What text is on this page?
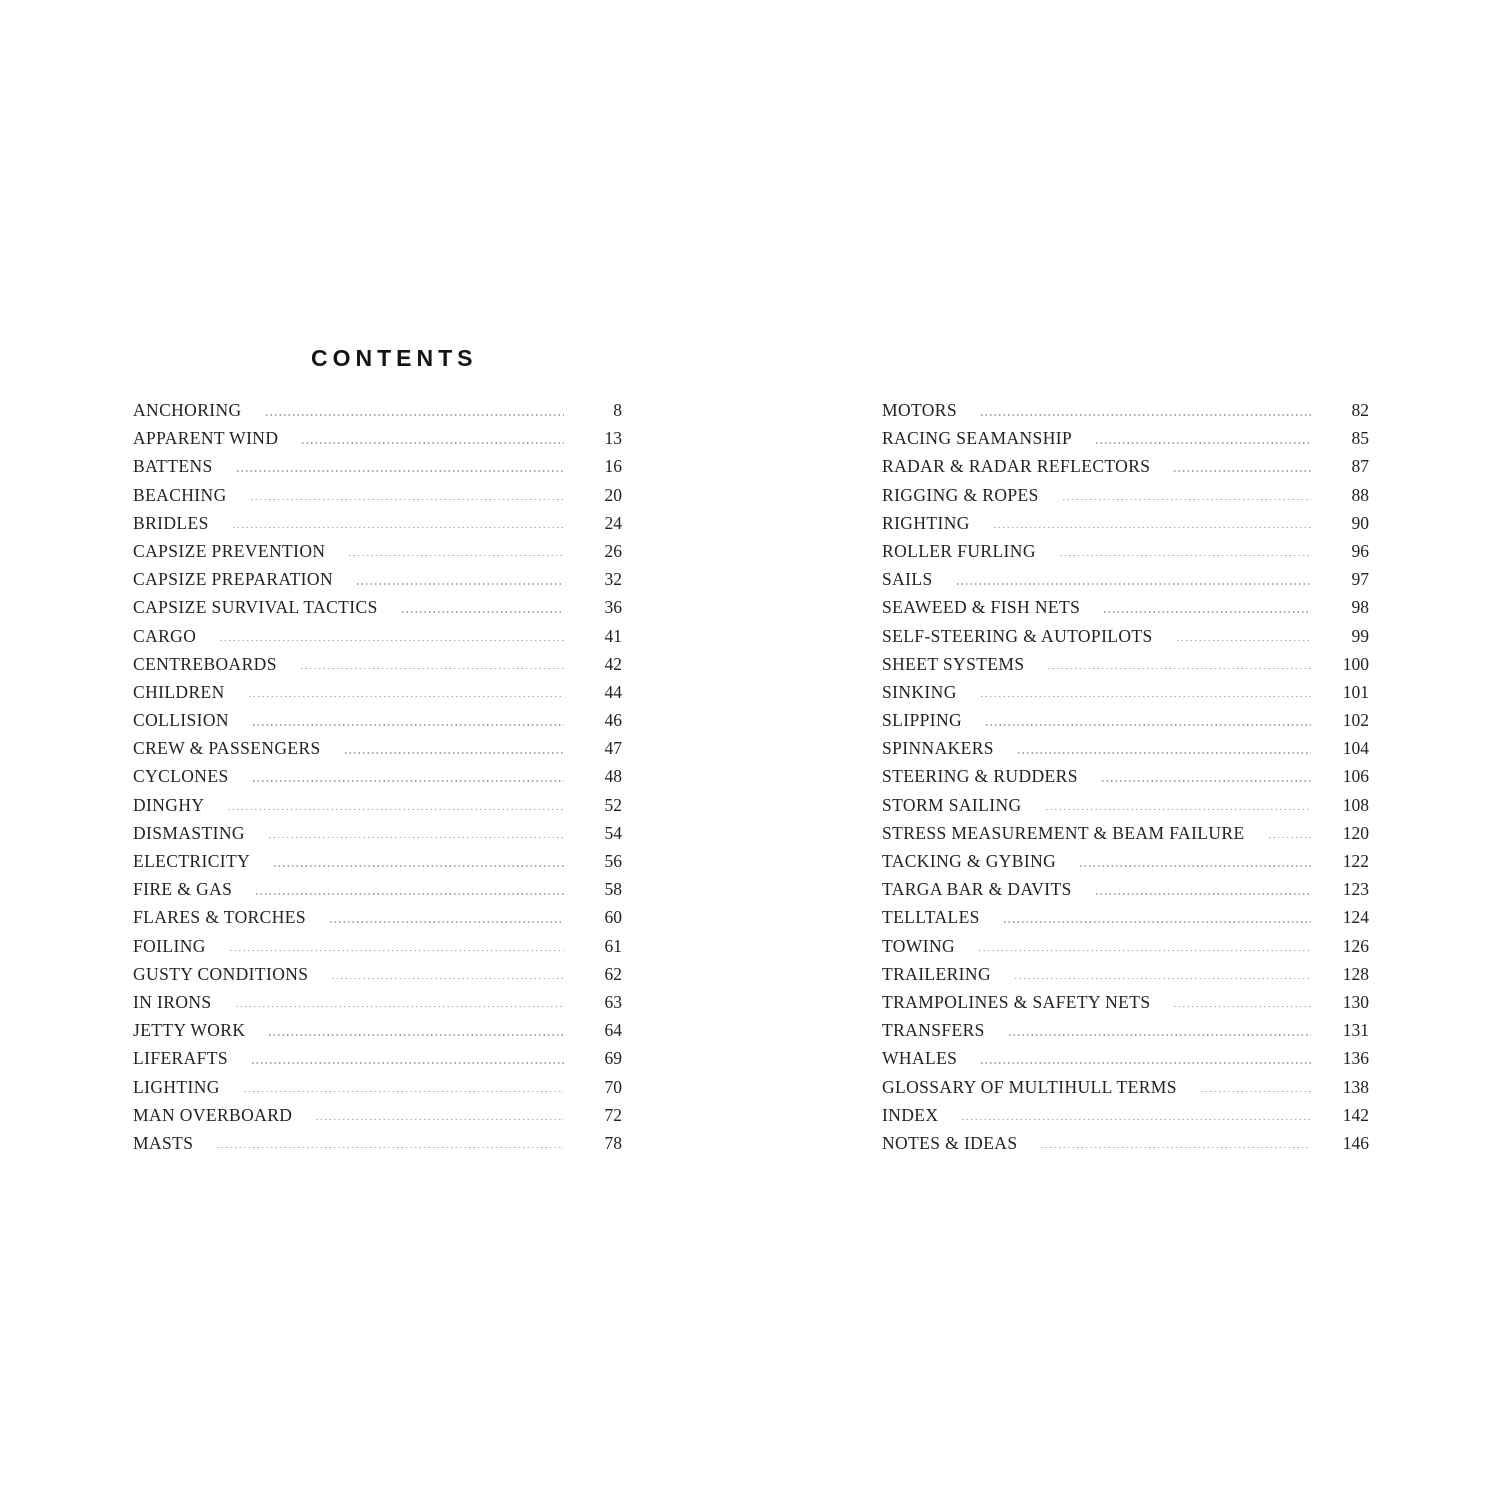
CONTENTS
ANCHORING	8
APPARENT WIND	13
BATTENS	16
BEACHING	20
BRIDLES	24
CAPSIZE PREVENTION	26
CAPSIZE PREPARATION	32
CAPSIZE SURVIVAL TACTICS	36
CARGO	41
CENTREBOARDS	42
CHILDREN	44
COLLISION	46
CREW & PASSENGERS	47
CYCLONES	48
DINGHY	52
DISMASTING	54
ELECTRICITY	56
FIRE & GAS	58
FLARES & TORCHES	60
FOILING	61
GUSTY CONDITIONS	62
IN IRONS	63
JETTY WORK	64
LIFERAFTS	69
LIGHTING	70
MAN OVERBOARD	72
MASTS	78
MOTORS	82
RACING SEAMANSHIP	85
RADAR & RADAR REFLECTORS	87
RIGGING & ROPES	88
RIGHTING	90
ROLLER FURLING	96
SAILS	97
SEAWEED & FISH NETS	98
SELF-STEERING & AUTOPILOTS	99
SHEET SYSTEMS	100
SINKING	101
SLIPPING	102
SPINNAKERS	104
STEERING & RUDDERS	106
STORM SAILING	108
STRESS MEASUREMENT & BEAM FAILURE	120
TACKING & GYBING	122
TARGA BAR & DAVITS	123
TELLTALES	124
TOWING	126
TRAILERING	128
TRAMPOLINES & SAFETY NETS	130
TRANSFERS	131
WHALES	136
GLOSSARY OF MULTIHULL TERMS	138
INDEX	142
NOTES & IDEAS	146
